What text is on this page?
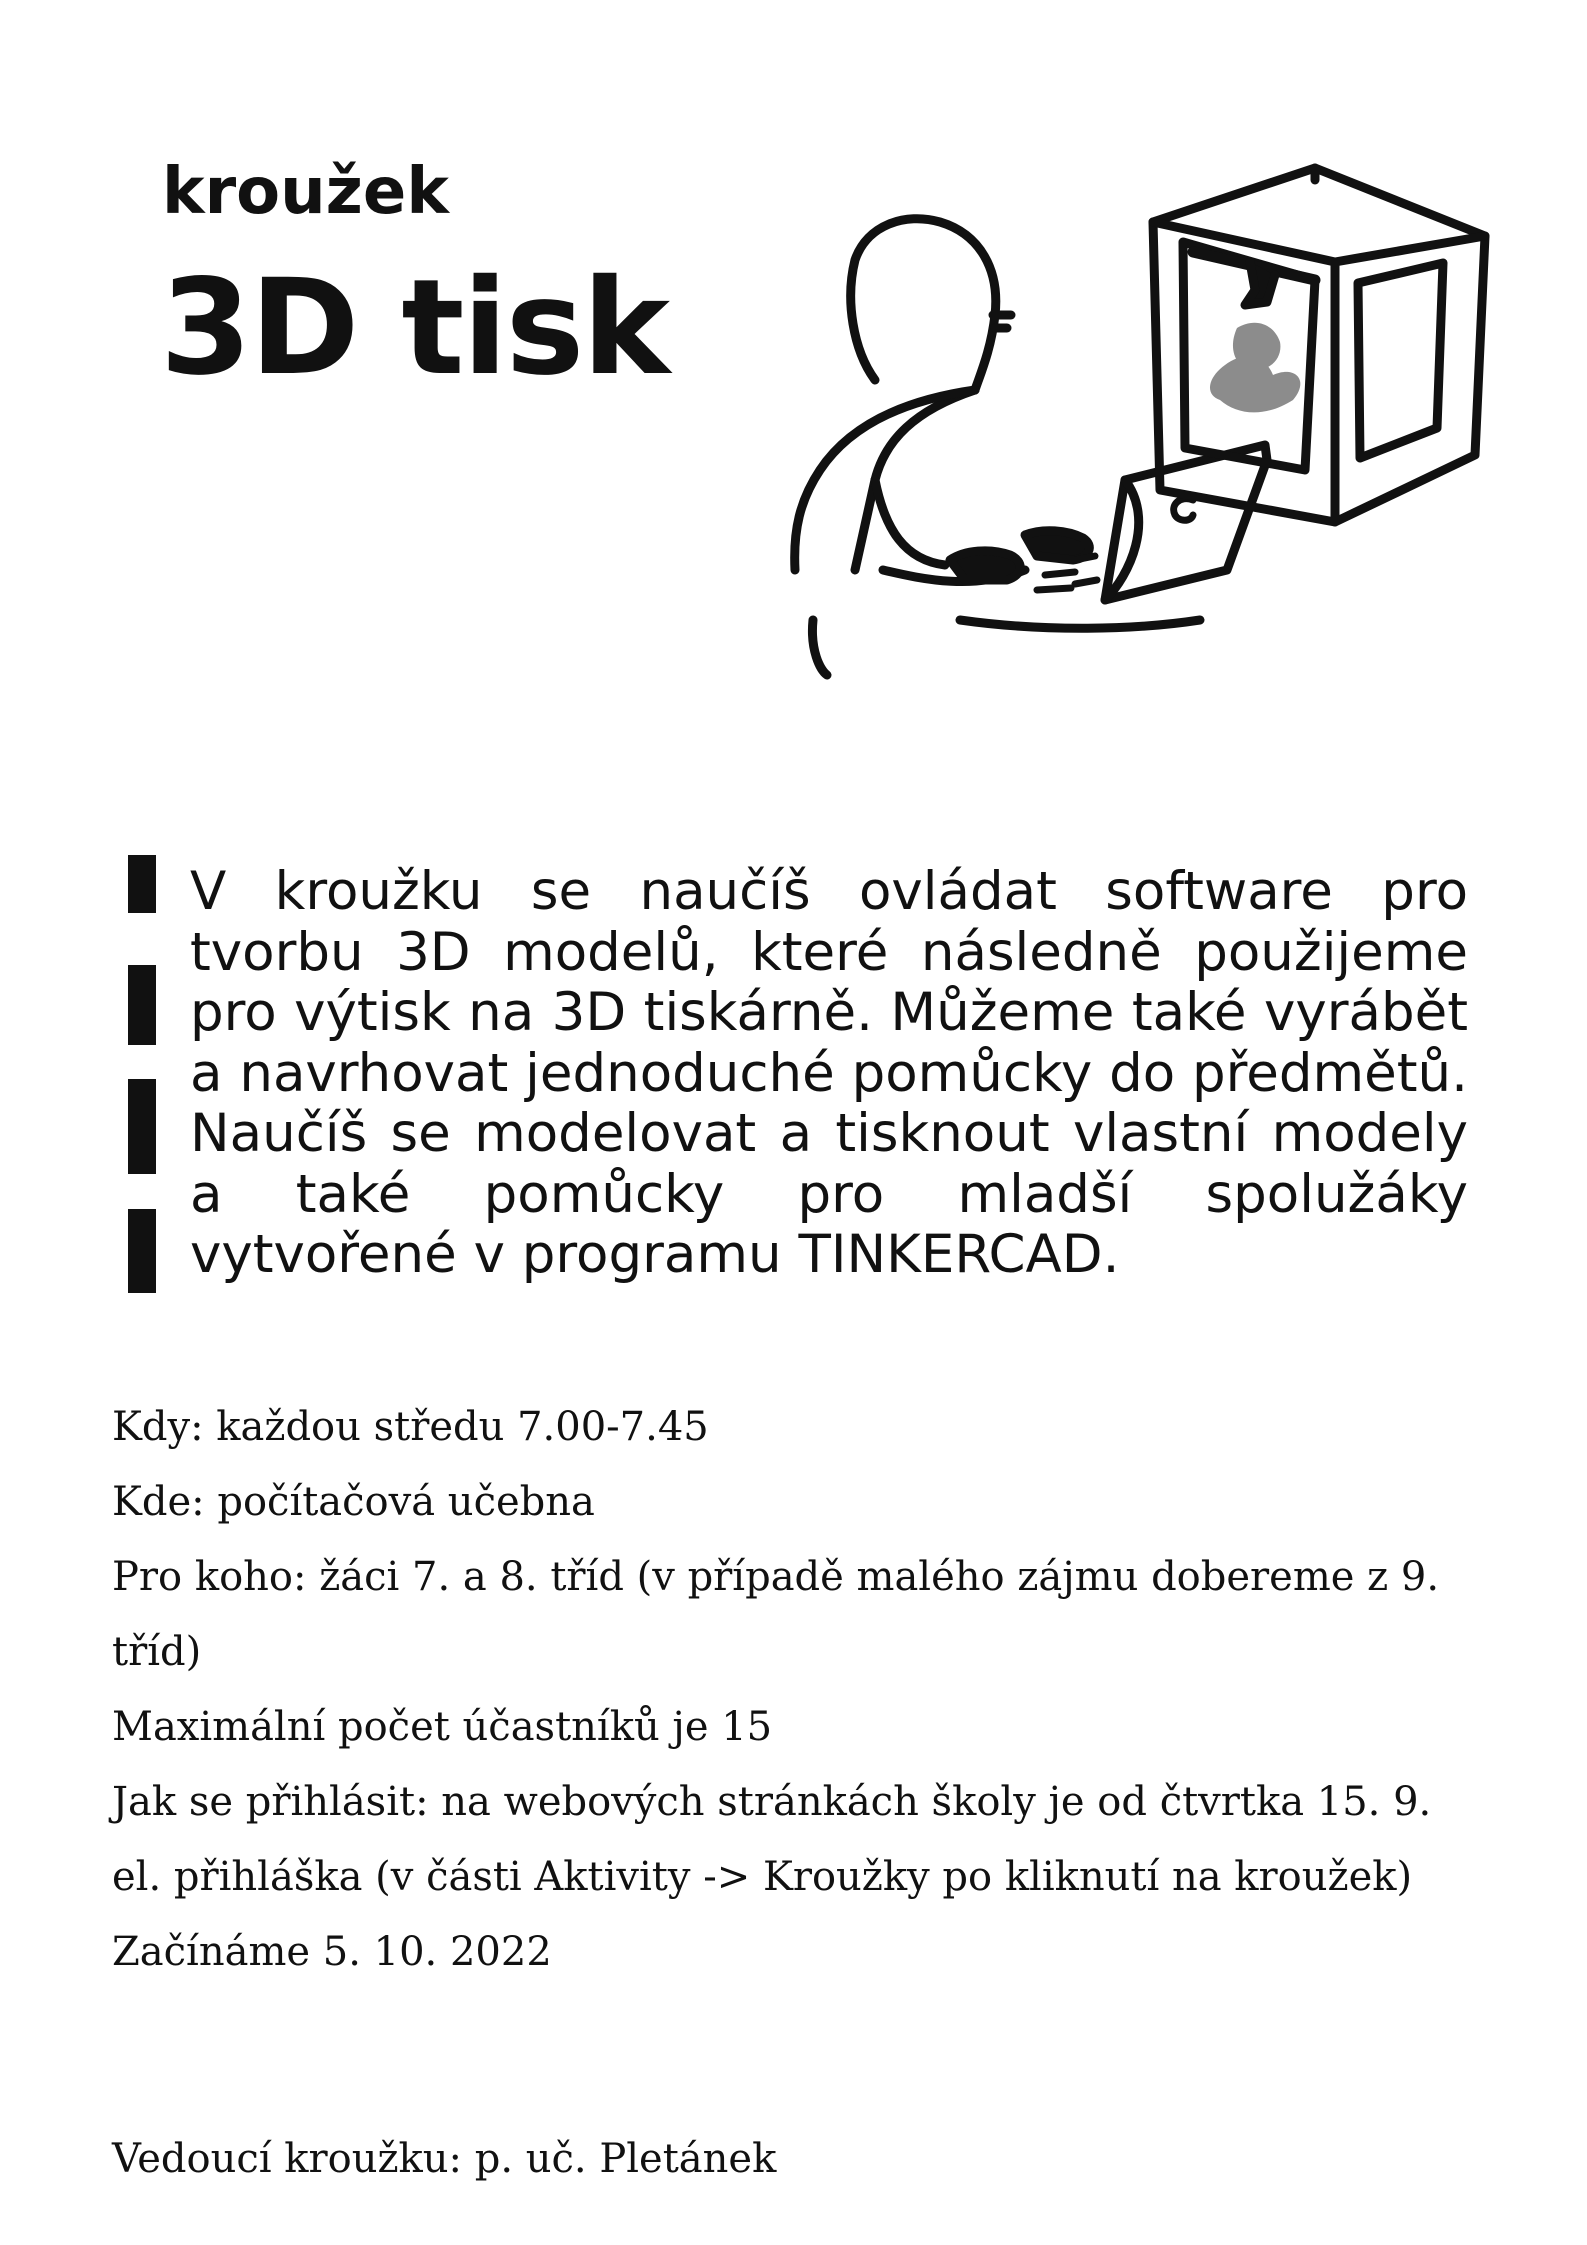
kroužek
3D tisk

V kroužku se naučíš ovládat software pro tvorbu 3D modelů, které následně použijeme pro výtisk na 3D tiskárně. Můžeme také vyrábět a navrhovat jednoduché pomůcky do předmětů. Naučíš se modelovat a tisknout vlastní modely a také pomůcky pro mladší spolužáky vytvořené v programu TINKERCAD.

Kdy: každou středu 7.00-7.45

Kde: počítačová učebna

Pro koho: žáci 7. a 8. tříd (v případě malého zájmu dobereme z 9. tříd)

Maximální počet účastníků je 15

Jak se přihlásit: na webových stránkách školy je od čtvrtka 15. 9. el. přihláška (v části Aktivity -> Kroužky po kliknutí na kroužek)

Začínáme 5. 10. 2022

Vedoucí kroužku: p. uč. Pletánek
